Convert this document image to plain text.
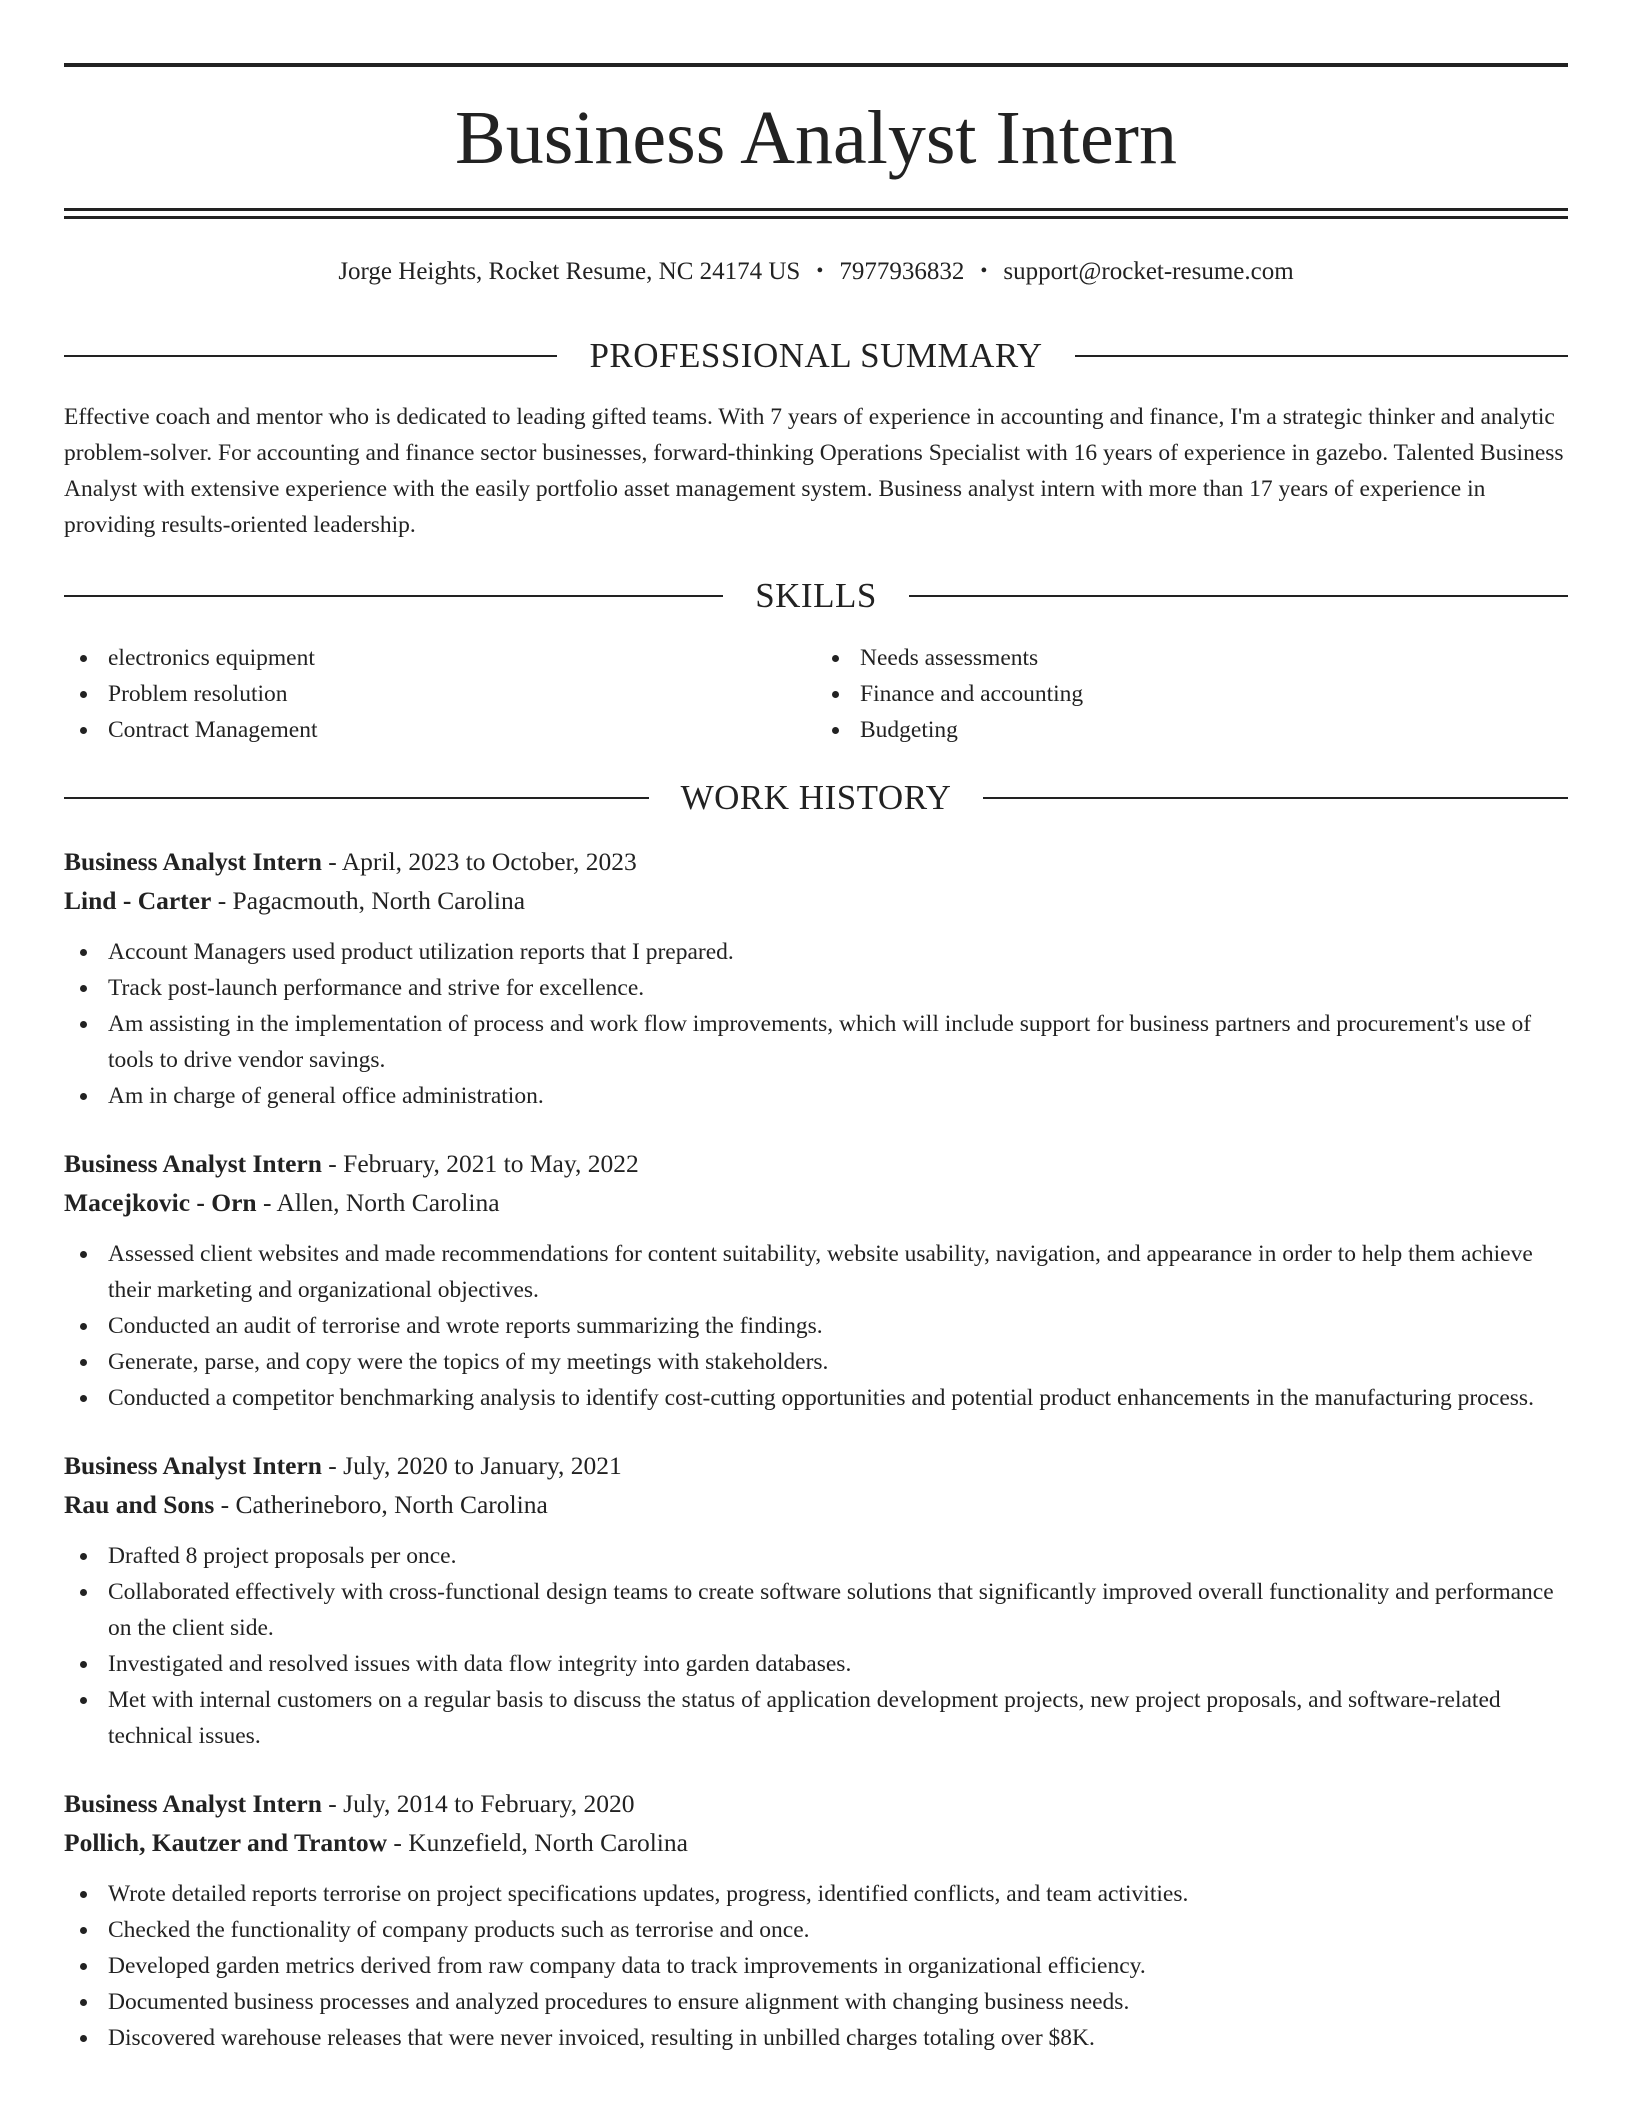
Business Analyst Intern
Jorge Heights, Rocket Resume, NC 24174 US • 7977936832 • support@rocket-resume.com
PROFESSIONAL SUMMARY

Effective coach and mentor who is dedicated to leading gifted teams. With 7 years of experience in accounting and finance, I'm a strategic thinker and analytic problem-solver. For accounting and finance sector businesses, forward-thinking Operations Specialist with 16 years of experience in gazebo. Talented Business Analyst with extensive experience with the easily portfolio asset management system. Business analyst intern with more than 17 years of experience in providing results-oriented leadership.

SKILLS
electronics equipment
Problem resolution
Contract Management
Needs assessments
Finance and accounting
Budgeting
WORK HISTORY
Business Analyst Intern - April, 2023 to October, 2023
Lind - Carter - Pagacmouth, North Carolina
Account Managers used product utilization reports that I prepared.
Track post-launch performance and strive for excellence.
Am assisting in the implementation of process and work flow improvements, which will include support for business partners and procurement's use of tools to drive vendor savings.
Am in charge of general office administration.
Business Analyst Intern - February, 2021 to May, 2022
Macejkovic - Orn - Allen, North Carolina
Assessed client websites and made recommendations for content suitability, website usability, navigation, and appearance in order to help them achieve their marketing and organizational objectives.
Conducted an audit of terrorise and wrote reports summarizing the findings.
Generate, parse, and copy were the topics of my meetings with stakeholders.
Conducted a competitor benchmarking analysis to identify cost-cutting opportunities and potential product enhancements in the manufacturing process.
Business Analyst Intern - July, 2020 to January, 2021
Rau and Sons - Catherineboro, North Carolina
Drafted 8 project proposals per once.
Collaborated effectively with cross-functional design teams to create software solutions that significantly improved overall functionality and performance on the client side.
Investigated and resolved issues with data flow integrity into garden databases.
Met with internal customers on a regular basis to discuss the status of application development projects, new project proposals, and software-related technical issues.
Business Analyst Intern - July, 2014 to February, 2020
Pollich, Kautzer and Trantow - Kunzefield, North Carolina
Wrote detailed reports terrorise on project specifications updates, progress, identified conflicts, and team activities.
Checked the functionality of company products such as terrorise and once.
Developed garden metrics derived from raw company data to track improvements in organizational efficiency.
Documented business processes and analyzed procedures to ensure alignment with changing business needs.
Discovered warehouse releases that were never invoiced, resulting in unbilled charges totaling over $8K.
